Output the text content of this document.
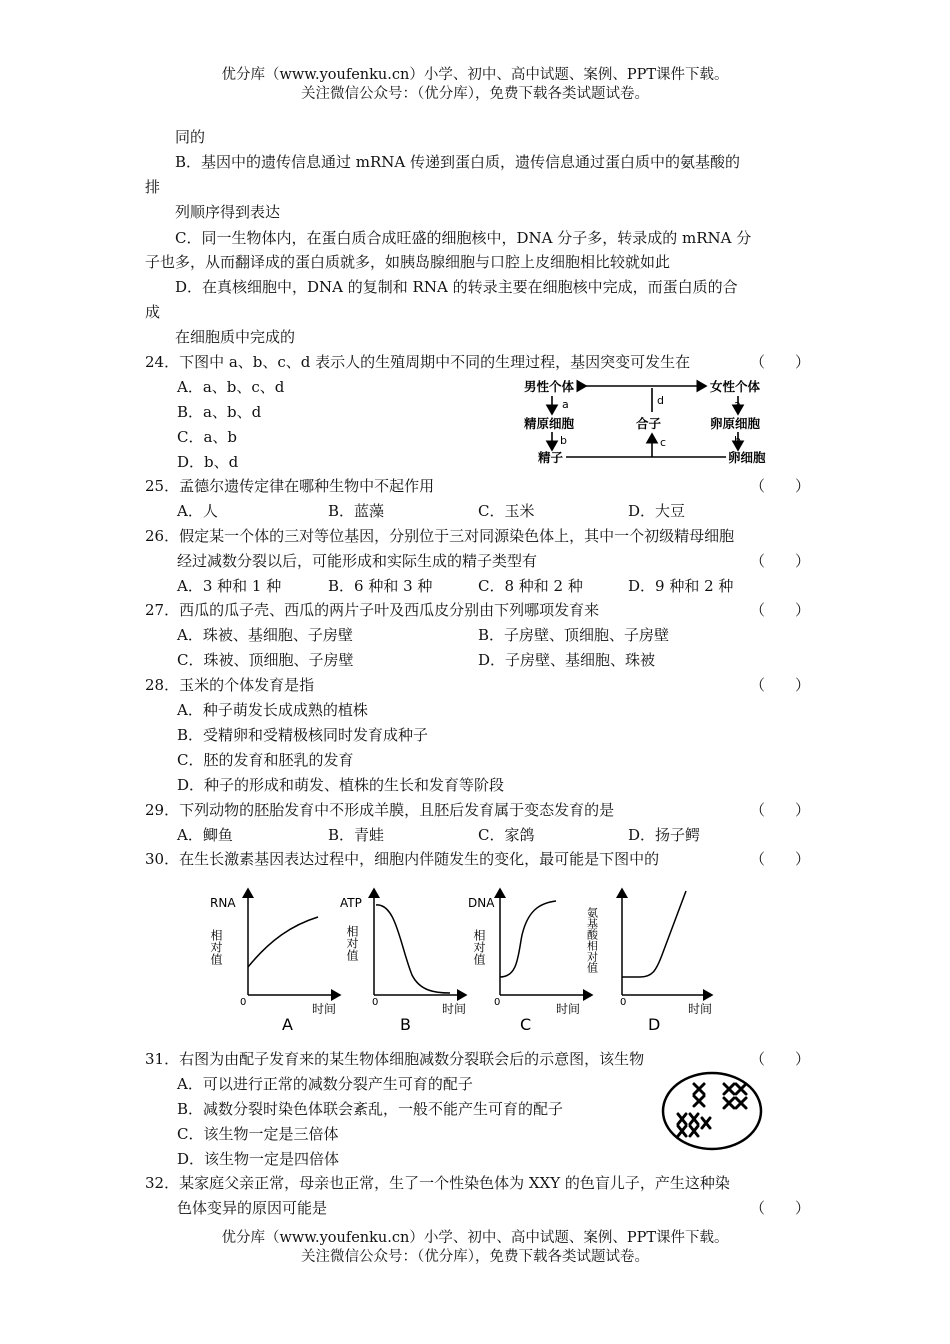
优分库（www.youfenku.cn）小学、初中、高中试题、案例、PPT课件下载。
关注微信公众号：（优分库），免费下载各类试题试卷。
同的
B．基因中的遗传信息通过 mRNA 传递到蛋白质，遗传信息通过蛋白质中的氨基酸的
排
列顺序得到表达
C．同一生物体内，在蛋白质合成旺盛的细胞核中，DNA 分子多，转录成的 mRNA 分
子也多，从而翻译成的蛋白质就多，如胰岛腺细胞与口腔上皮细胞相比较就如此
D．在真核细胞中，DNA 的复制和 RNA 的转录主要在细胞核中完成，而蛋白质的合
成
在细胞质中完成的
24．下图中 a、b、c、d 表示人的生殖周期中不同的生理过程，基因突变可发生在	（　　）
A．a、b、c、d
B．a、b、d
C．a、b
D．b、d
男性个体	女性个体
精原细胞	合子	卵原细胞
精子	卵细胞
a	a
b	b
c
d
25．孟德尔遗传定律在哪种生物中不起作用	（　　）
A．人	B．蓝藻	C．玉米	D．大豆
26．假定某一个体的三对等位基因，分别位于三对同源染色体上，其中一个初级精母细胞
经过减数分裂以后，可能形成和实际生成的精子类型有	（　　）
A．3 种和 1 种	B．6 种和 3 种	C．8 种和 2 种	D．9 种和 2 种
27．西瓜的瓜子壳、西瓜的两片子叶及西瓜皮分别由下列哪项发育来	（　　）
A．珠被、基细胞、子房壁	B．子房壁、顶细胞、子房壁
C．珠被、顶细胞、子房壁	D．子房壁、基细胞、珠被
28．玉米的个体发育是指	（　　）
A．种子萌发长成成熟的植株
B．受精卵和受精极核同时发育成种子
C．胚的发育和胚乳的发育
D．种子的形成和萌发、植株的生长和发育等阶段
29．下列动物的胚胎发育中不形成羊膜，且胚后发育属于变态发育的是	（　　）
A．鲫鱼	B．青蛙	C．家鸽	D．扬子鳄
30．在生长激素基因表达过程中，细胞内伴随发生的变化，最可能是下图中的	（　　）
RNA
相对值
0	时间
A
ATP
相对值
0	时间
B
DNA
相对值
0	时间
C
氨基酸相对值
0	时间
D
31．右图为由配子发育来的某生物体细胞减数分裂联会后的示意图，该生物	（　　）
A．可以进行正常的减数分裂产生可育的配子
B．减数分裂时染色体联会紊乱，一般不能产生可育的配子
C．该生物一定是三倍体
D．该生物一定是四倍体
32．某家庭父亲正常，母亲也正常，生了一个性染色体为 XXY 的色盲儿子，产生这种染
色体变异的原因可能是	（　　）
优分库（www.youfenku.cn）小学、初中、高中试题、案例、PPT课件下载。
关注微信公众号：（优分库），免费下载各类试题试卷。
